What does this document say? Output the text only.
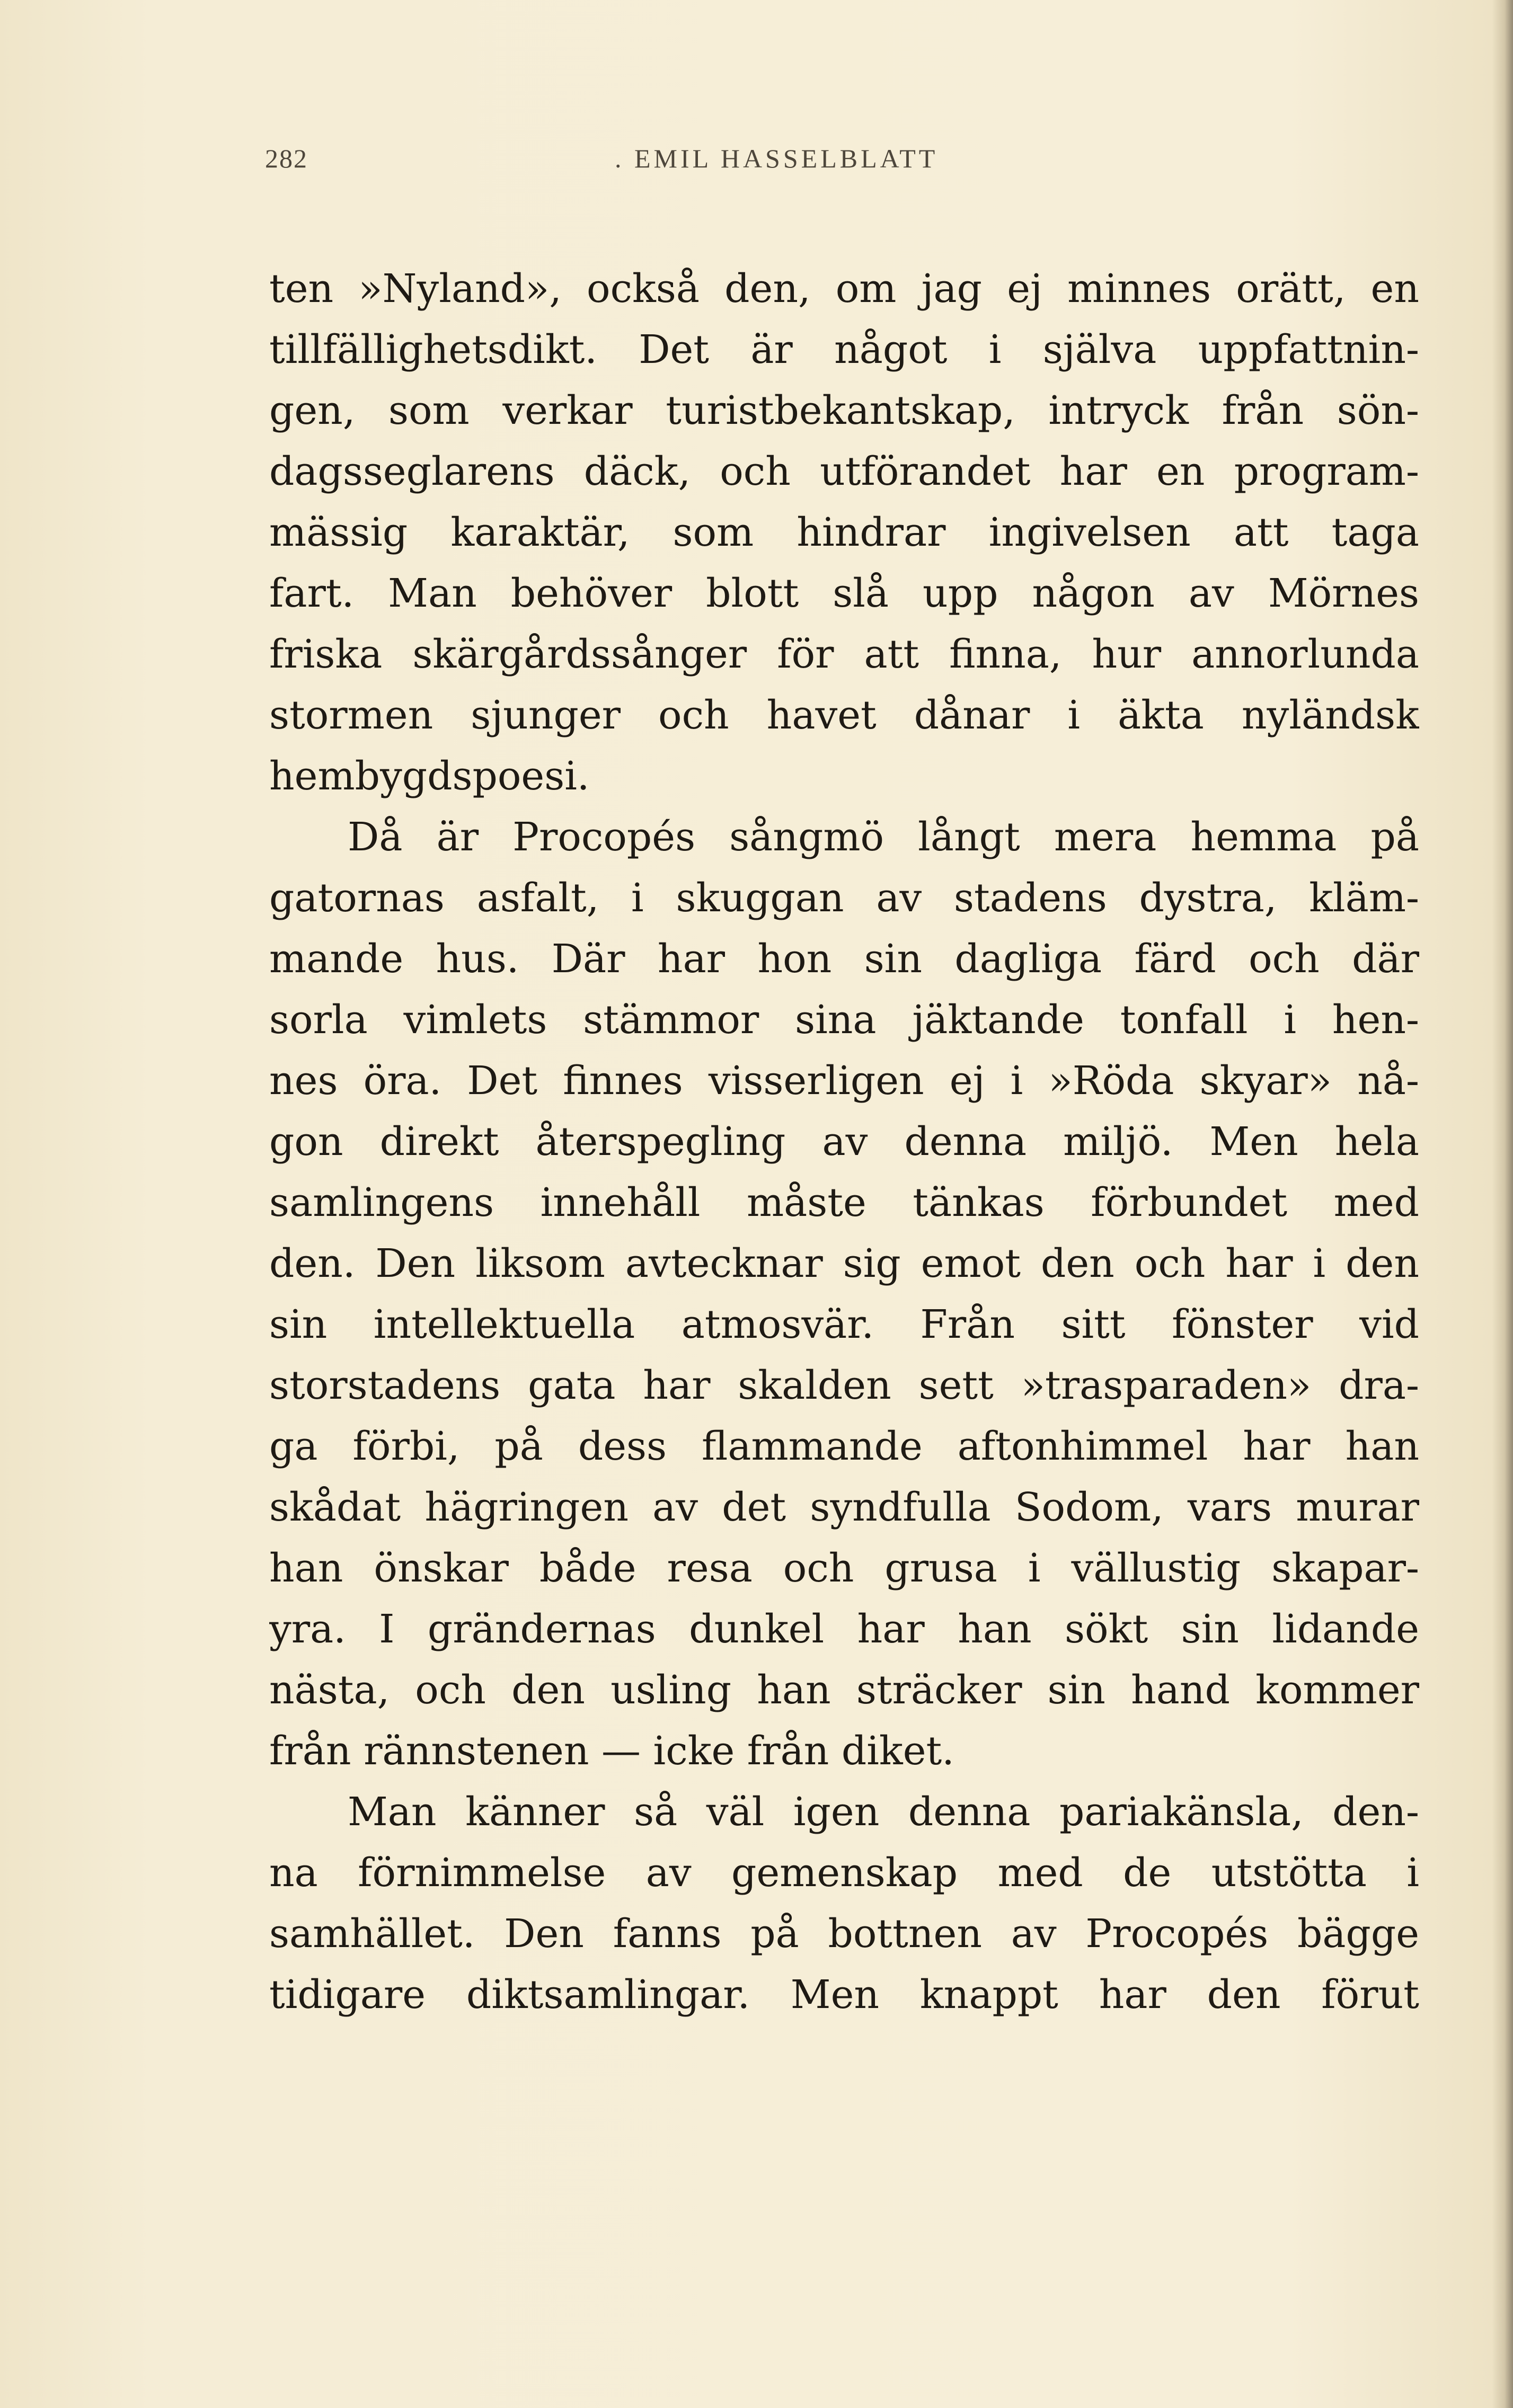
282	. EMIL HASSELBLATT
ten »Nyland», också den, om jag ej minnes orätt, en
tillfällighetsdikt. Det är något i själva uppfattnin-
gen, som verkar turistbekantskap, intryck från sön-
dagsseglarens däck, och utförandet har en program-
mässig karaktär, som hindrar ingivelsen att taga
fart. Man behöver blott slå upp någon av Mörnes
friska skärgårdssånger för att finna, hur annorlunda
stormen sjunger och havet dånar i äkta nyländsk
hembygdspoesi.
Då är Procopés sångmö långt mera hemma på
gatornas asfalt, i skuggan av stadens dystra, kläm-
mande hus. Där har hon sin dagliga färd och där
sorla vimlets stämmor sina jäktande tonfall i hen-
nes öra. Det finnes visserligen ej i »Röda skyar» nå-
gon direkt återspegling av denna miljö. Men hela
samlingens innehåll måste tänkas förbundet med
den. Den liksom avtecknar sig emot den och har i den
sin intellektuella atmosvär. Från sitt fönster vid
storstadens gata har skalden sett »trasparaden» dra-
ga förbi, på dess flammande aftonhimmel har han
skådat hägringen av det syndfulla Sodom, vars murar
han önskar både resa och grusa i vällustig skapar-
yra. I grändernas dunkel har han sökt sin lidande
nästa, och den usling han sträcker sin hand kommer
från rännstenen — icke från diket.
Man känner så väl igen denna pariakänsla, den-
na förnimmelse av gemenskap med de utstötta i
samhället. Den fanns på bottnen av Procopés bägge
tidigare diktsamlingar. Men knappt har den förut
